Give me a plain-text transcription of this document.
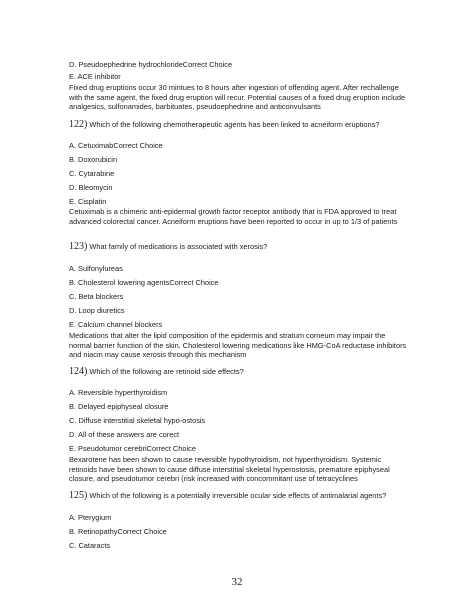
D. Pseudoephedrine hydrochlorideCorrect Choice
E. ACE inhibitor
Fixed drug eruptions occur 30 mintues to 8 hours after ingestion of offending agent. After rechallenge with the same agent, the fixed drug eruption will recur. Potential causes of a fixed drug eruption include analgesics, sulfonamides, barbituates, pseudoephedrine and anticonvulsants
122) Which of the following chemotherapeutic agents has been linked to acneiform eruptions?
A. CetuximabCorrect Choice
B. Doxorubicin
C. Cytarabine
D. Bleomycin
E. Cisplatin
Cetuximab is a chimeric anti-epidermal growth factor receptor antibody that is FDA approved to treat advanced colorectal cancer. Acneiform eruptions have been reported to occur in up to 1/3 of patients
123) What family of medications is associated with xerosis?
A. Sulfonylureas
B. Cholesterol lowering agentsCorrect Choice
C. Beta blockers
D. Loop diuretics
E. Calcium channel blockers
Medications that alter the lipid composition of the epidermis and stratum corneum may impair the normal barrier function of the skin. Cholesterol lowering medications like HMG-CoA reductase inhibitors and niacin may cause xerosis through this mechanism
124) Which of the following are retinoid side effects?
A. Reversible hyperthyroidism
B. Delayed epiphyseal closure
C. Diffuse interstitial skeletal hypo-ostosis
D. All of these answers are corect
E. Pseudotumor cerebriCorrect Choice
Bexarotene has been shown to cause reversible hypothyroidism, not hyperthyroidism. Systemic retinoids have been shown to cause diffuse interstitial skeletal hyperostosis, premature epiphyseal closure, and pseudotumor cerebri (risk increased with concommitant use of tetracyclines
125) Which of the following is a potentially irreversible ocular side effects of antimalarial agents?
A. Pterygium
B. RetinopathyCorrect Choice
C. Cataracts
32
